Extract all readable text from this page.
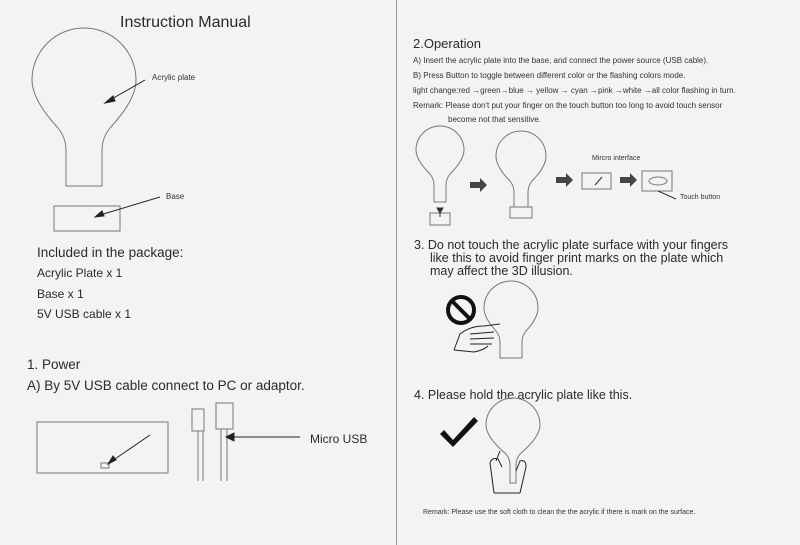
Instruction Manual
Acrylic plate
Base
Included in the package:
Acrylic Plate x 1
Base x 1
5V USB cable x 1
1. Power
A) By 5V USB cable connect to PC or adaptor.
Micro USB
2.Operation
A) Insert the acrylic plate into the base, and connect the power source (USB cable).
B) Press Button to toggle between different color or the flashing colors mode.
light change:red →green→blue → yellow → cyan →pink →white →all color flashing in turn.
Remark: Please don't put your finger on the touch button too long to avoid touch sensor
become not that sensitive.
Mircro interface
Touch button
3. Do not touch the acrylic plate surface with your fingers
like this to avoid finger print marks on the plate which
may affect the 3D illusion.
4. Please hold the acrylic plate like this.
Remark: Please use the soft cloth to clean the the acrylic if there is mark on the surface.
